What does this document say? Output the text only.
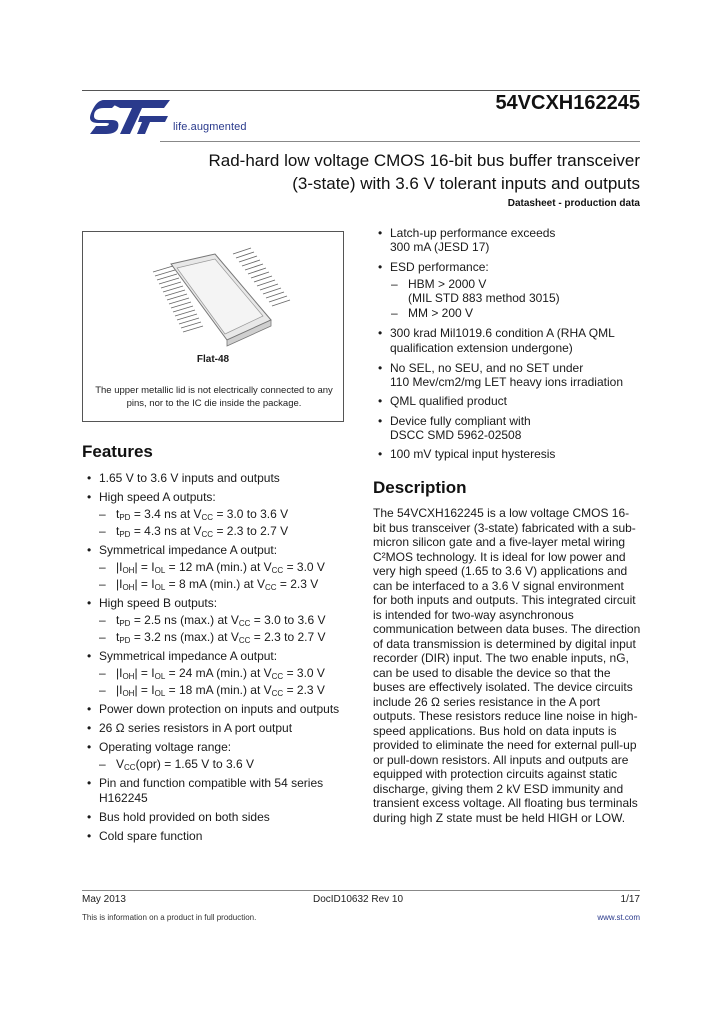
life.augmented
54VCXH162245
Rad-hard low voltage CMOS 16-bit bus buffer transceiver
(3-state) with 3.6 V tolerant inputs and outputs
Datasheet - production data
Flat-48
The upper metallic lid is not electrically connected to any pins, nor to the IC die inside the package.
Features
• 1.65 V to 3.6 V inputs and outputs
• High speed A outputs:
– $t_{PD} = 3.4$ ns at $V_{CC} = 3.0$ to 3.6 V
– $t_{PD} = 4.3$ ns at $V_{CC} = 2.3$ to 2.7 V
• Symmetrical impedance A output:
– $|I_{OH}| = I_{OL} = 12$ mA (min.) at $V_{CC} = 3.0$ V
– $|I_{OH}| = I_{OL} = 8$ mA (min.) at $V_{CC} = 2.3$ V
• High speed B outputs:
– $t_{PD} = 2.5$ ns (max.) at $V_{CC} = 3.0$ to 3.6 V
– $t_{PD} = 3.2$ ns (max.) at $V_{CC} = 2.3$ to 2.7 V
• Symmetrical impedance A output:
– $|I_{OH}| = I_{OL} = 24$ mA (min.) at $V_{CC} = 3.0$ V
– $|I_{OH}| = I_{OL} = 18$ mA (min.) at $V_{CC} = 2.3$ V
• Power down protection on inputs and outputs
• 26 Ω series resistors in A port output
• Operating voltage range:
– $V_{CC}(opr) = 1.65$ V to 3.6 V
• Pin and function compatible with 54 series H162245
• Bus hold provided on both sides
• Cold spare function
• Latch-up performance exceeds
300 mA (JESD 17)
• ESD performance:
– HBM > 2000 V
(MIL STD 883 method 3015)
– MM > 200 V
• 300 krad Mil1019.6 condition A (RHA QML qualification extension undergone)
• No SEL, no SEU, and no SET under
110 Mev/cm2/mg LET heavy ions irradiation
• QML qualified product
• Device fully compliant with
DSCC SMD 5962-02508
• 100 mV typical input hysteresis
Description
The 54VCXH162245 is a low voltage CMOS 16-bit bus transceiver (3-state) fabricated with a sub-micron silicon gate and a five-layer metal wiring C²MOS technology. It is ideal for low power and very high speed (1.65 to 3.6 V) applications and can be interfaced to a 3.6 V signal environment for both inputs and outputs. This integrated circuit is intended for two-way asynchronous communication between data buses. The direction of data transmission is determined by digital input recorder (DIR) input. The two enable inputs, nG, can be used to disable the device so that the buses are effectively isolated. The device circuits include 26 Ω series resistance in the A port outputs. These resistors reduce line noise in high-speed applications. Bus hold on data inputs is provided to eliminate the need for external pull-up or pull-down resistors. All inputs and outputs are equipped with protection circuits against static discharge, giving them 2 kV ESD immunity and transient excess voltage. All floating bus terminals during high Z state must be held HIGH or LOW.
May 2013	DocID10632 Rev 10	1/17
This is information on a product in full production.	www.st.com
